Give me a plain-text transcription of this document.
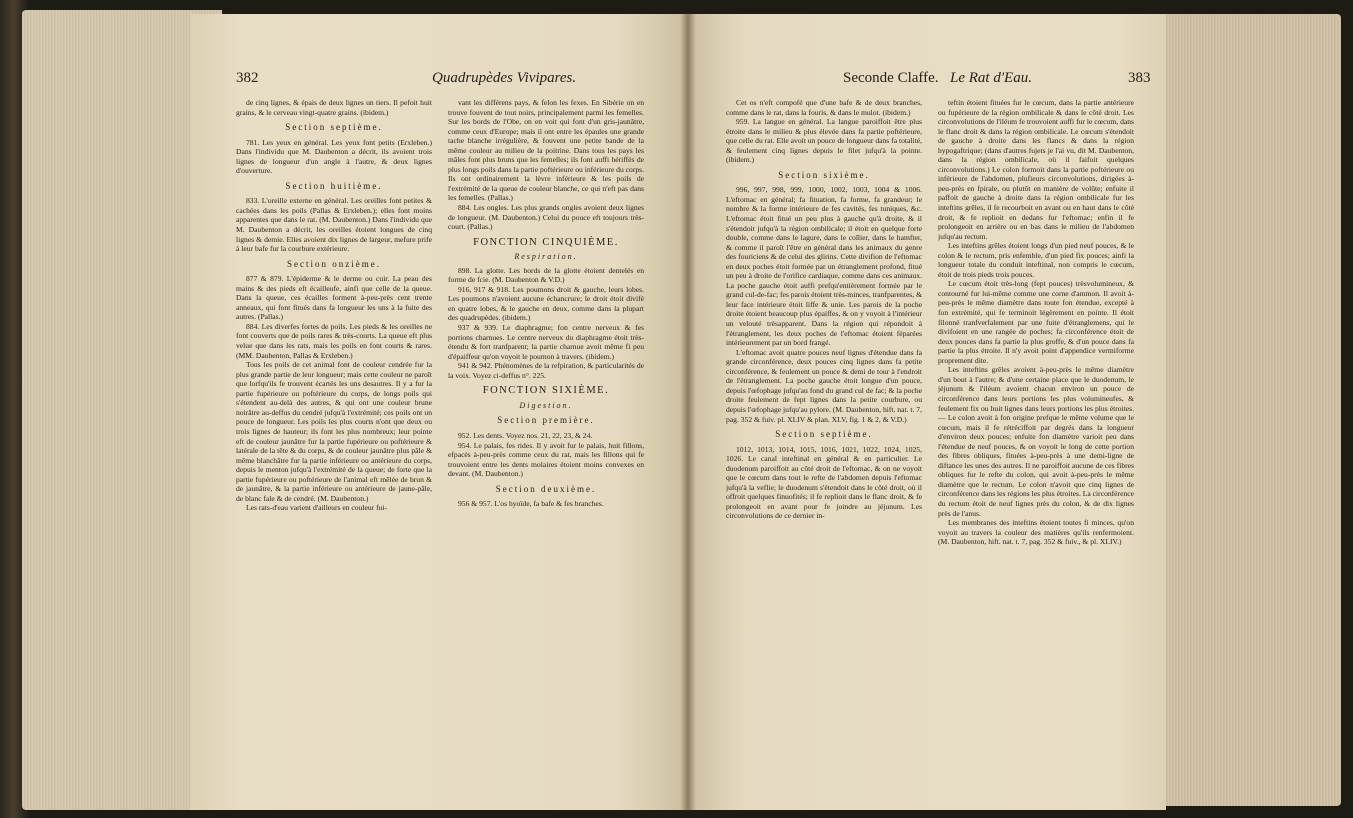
382	Quadrupèdes Vivipares.

de cinq lignes, & épais de deux lignes un tiers. Il pefoit huit grains, & le cerveau vingt-quatre grains. (ibidem.)

Section septième.

781. Les yeux en général. Les yeux font petits (Erxleben.) Dans l'individu que M. Daubenton a décrit, ils avoient trois lignes de longueur d'un angle à l'autre, & deux lignes d'ouverture.

Section huitième.

833. L'oreille externe en général. Les oreilles font petites & cachées dans les poils (Pallas & Erxleben.); elles font moins apparentes que dans le rat. (M. Daubenton.) Dans l'individu que M. Daubenton a décrit, les oreilles étoient longues de cinq lignes & demie. Elles avoient dix lignes de largeur, mefure prife à leur bafe fur la courbure extérieure.

Section onzième.

877 & 879. L'épiderme & le derme ou cuir. La peau des mains & des pieds eft écailleufe, ainfi que celle de la queue. Dans la queue, ces écailles forment à-peu-près cent trente anneaux, qui font fitués dans fa longueur les uns à la fuite des autres. (Pallas.)

884. Les diverfes fortes de poils. Les pieds & les oreilles ne font couverts que de poils rares & très-courts. La queue eft plus velue que dans les rats, mais les poils en font courts & rares. (MM. Daubenton, Pallas & Erxleben.)

Tous les poils de cet animal font de couleur cendrée fur la plus grande partie de leur longueur; mais cette couleur ne paroît que lorfqu'ils fe trouvent écartés les uns desautres. Il y a fur la partie fupérieure ou poftérieure du corps, de longs poils qui s'étendent au-delà des autres, & qui ont une couleur brune noirâtre au-deffus du cendré jufqu'à l'extrémité; ces poils ont un pouce de longueur. Les poils les plus courts n'ont que deux ou trois lignes de hauteur; ils font les plus nombreux; leur pointe eft de couleur jaunâtre fur la partie fupérieure ou poftérieure & latérale de la tête & du corps, & de couleur jaunâtre plus pâle & même blanchâtre fur la partie inférieure ou antérieure du corps, depuis le menton jufqu'à l'extrémité de la queue; de forte que la partie fupérieure ou poftérieure de l'animal eft mêlée de brun & de jaunâtre, & la partie inférieure ou antérieure de jaune-pâle, de blanc fale & de cendré. (M. Daubenton.)

Les rats-d'eau varient d'ailleurs en couleur fui-

vant les différens pays, & felon les fexes. En Sibérie on en trouve fouvent de tout noirs, principalement parmi les femelles. Sur les bords de l'Obe, on en voit qui font d'un gris-jaunâtre, comme ceux d'Europe; mais il ont entre les épaules une grande tache blanche irrégulière, & fouvent une petite bande de la même couleur au milieu de la poitrine. Dans tous les pays les mâles font plus bruns que les femelles; ils font auffi hériffés de plus longs poils dans la partie poftérieure ou inférieure du corps. Ils ont ordinairement la lèvre inférieure & les poils de l'extrémité de la queue de couleur blanche, ce qui n'eft pas dans les femelles. (Pallas.)

884. Les ongles. Les plus grands ongles avoient deux lignes de longueur. (M. Daubenton.) Celui du pouce eft toujours très-court. (Pallas.)

FONCTION CINQUIÈME.
Respiration.

898. La glotte. Les bords de la glotte étoient dentelés en forme de fcie. (M. Daubenton & V.D.)

916, 917 & 918. Les poumons droit & gauche, leurs lobes. Les poumons n'avoient aucune échancrure; le droit étoit divifé en quatre lobes, & le gauche en deux, comme dans la plupart des quadrupèdes. (ibidem.)

937 & 939. Le diaphragme; fon centre nerveux & fes portions charnues. Le centre nerveux du diaphragme étoit très-étendu & fort tranfparent; la partie charnue avoit même fi peu d'épaiffeur qu'on voyoit le poumon à travers. (ibidem.)

941 & 942. Phénomènes de la refpiration, & particularités de la voix. Voyez ci-deffus n°. 225.

FONCTION SIXIÈME.
Digestion.
Section première.

952. Les dents. Voyez nos. 21, 22, 23, & 24.

954. Le palais, fes rides. Il y avoit fur le palais, huit fillons, efpacés à-peu-près comme ceux du rat, mais les fillons qui fe trouvoient entre les dents molaires étoient moins convexes en devant. (M. Daubenton.)

Section deuxième.

956 & 957. L'os hyoïde, fa bafe & fes branches.

Seconde Claffe. Le Rat d'Eau.	383

Cet os n'eft compofé que d'une bafe & de deux branches, comme dans le rat, dans la fouris, & dans le mulot. (ibidem.)

959. La langue en général. La langue paroiffoit être plus étroite dans le milieu & plus élevée dans fa partie poftérieure, que celle du rat. Elle avoit un pouce de longueur dans fa totalité, & feulement cinq lignes depuis le filet jufqu'à la pointe. (ibidem.)

Section sixième.

996, 997, 998, 999, 1000, 1002, 1003, 1004 & 1006. L'eftomac en général; fa fituation, fa forme, fa grandeur; le nombre & la forme intérieure de fes cavités, fes tuniques, &c. L'eftomac étoit fitué un peu plus à gauche qu'à droite, & il s'étendoit jufqu'à la région ombilicale; il étoit en quelque forte double, comme dans le lagure, dans le coîlier, dans le hamfter, & comme il paroît l'être en général dans les animaux du genre des fouriciens & de celui des glirins. Cette divifion de l'eftomac en deux poches étoit formée par un étranglement profond, fitué un peu à droite de l'orifice cardiaque, comme dans ces animaux. La poche gauche étoit auffi prefqu'entièrement formée par le grand cul-de-fac; fes parois étoient très-minces, tranfparentes, & leur face intérieure étoit liffe & unie. Les parois de la poche droite étoient beaucoup plus épaiffes, & on y voyoit à l'intérieur un velouté trèsapparent. Dans la région qui répondoit à l'étranglement, les deux poches de l'eftomac étoient féparées intérieurement par un bord frangé.

L'eftomac avoit quatre pouces neuf lignes d'étendue dans fa grande circonférence, deux pouces cinq lignes dans fa petite circonférence, & feulement un pouce & demi de tour à l'endroit de l'étranglement. La poche gauche étoit longue d'un pouce, depuis l'œfophage jufqu'au fond du grand cul de fac; & la poche droite feulement de fept lignes dans la petite courbure, ou depuis l'œfophage jufqu'au pylore. (M. Daubenton, hift. nat. t. 7, pag. 352 & fuiv. pl. XLIV & plan. XLV, fig. 1 & 2, & V.D.)

Section septième.

1012, 1013, 1014, 1015, 1016, 1021, 1022, 1024, 1025, 1026. Le canal inteftinal en général & en particulier. Le duodenum paroiffoit au côté droit de l'eftomac, & on ne voyoit que le cœcum dans tout le refte de l'abdomen depuis l'eftomac jufqu'à la veflie; le duodenum s'étendoit dans le côté droit, où il offroit quelques finuofités; il fe replioit dans le flanc droit, & fe prolongeoit en avant pour fe joindre au jéjunum. Les circonvolutions de ce dernier in-

teftin étoient fituées fur le cœcum, dans la partie antérieure ou fupérieure de la région ombilicale & dans le côté droit. Les circonvolutions de l'iléum fe trouvoient auffi fur le cœcum, dans le flanc droit & dans la région ombilicale. Le cœcum s'étendoit de gauche à droite dans les flancs & dans la région hypogaftrique; (dans d'autres fujets je l'ai vu, dit M. Daubenton, dans la région ombilicale, où il faifoit quelques circonvolutions.) Le colon formoit dans la partie poftérieure ou inférieure de l'abdomen, plufieurs circonvolutions, dirigées à-peu-près en fpirale, ou plutôt en manière de volûte; enfuite il paffoit de gauche à droite dans la région ombilicale fur les inteftins grêles, il fe recourboit en avant ou en haut dans le côté droit, & fe replioit en dedans fur l'eftomac; enfin il fe prolongeoit en arrière ou en bas dans le milieu de l'abdomen jufqu'au rectum.

Les inteftins grêles étoient longs d'un pied neuf pouces, & le colon & le rectum, pris enfemble, d'un pied fix pouces; ainfi la longueur totale du conduit inteftinal, non compris le cœcum, étoit de trois pieds trois pouces.

Le cœcum étoit très-long (fept pouces) trèsvolumineux, & contourné fur lui-même comme une corne d'ammon. Il avoit à-peu-près le même diamètre dans toute fon étendue, excepté à fon extrémité, qui fe terminoit légèrement en pointe. Il étoit filonné tranfverfalement par une fuite d'étranglemens, qui le divifoient en une rangée de poches; fa circonférence étoit de deux pouces dans fa partie la plus groffe, & d'un pouce dans fa partie la plus étroite. Il n'y avoit point d'appendice vermiforme proprement dite.

Les inteftins grêles avoient à-peu-près le même diamètre d'un bout à l'autre; & d'une certaine place que le duodenum, le jéjunum & l'iléum avoient chacun environ un pouce de circonférence dans leurs portions les plus volumineufes, & feulement fix ou huit lignes dans leurs portions les plus étroites. — Le colon avoit à fon origine prefque le même volume que le cœcum, mais il fe rétréciffoit par degrés dans la longueur d'environ deux pouces; enfuite fon diamètre varioit peu dans l'étendue de neuf pouces, & on voyoit le long de cette portion des fibres obliques, fituées à-peu-près à une demi-ligne de diftance les unes des autres. Il ne paroiffoit aucune de ces fibres obliques fur le refte du colon, qui avoit à-peu-près le même diamètre que le rectum. Le colon n'avoit que cinq lignes de circonférence dans les régions les plus étroites. La circonférence du rectum étoit de neuf lignes près du colon, & de dix lignes près de l'anus.

Les membranes des inteftins étoient toutes fi minces, qu'on voyoit au travers la couleur des matières qu'ils renfermoient. (M. Daubenton, hift. nat. t. 7, pag. 352 & fuiv., & pl. XLIV.)
